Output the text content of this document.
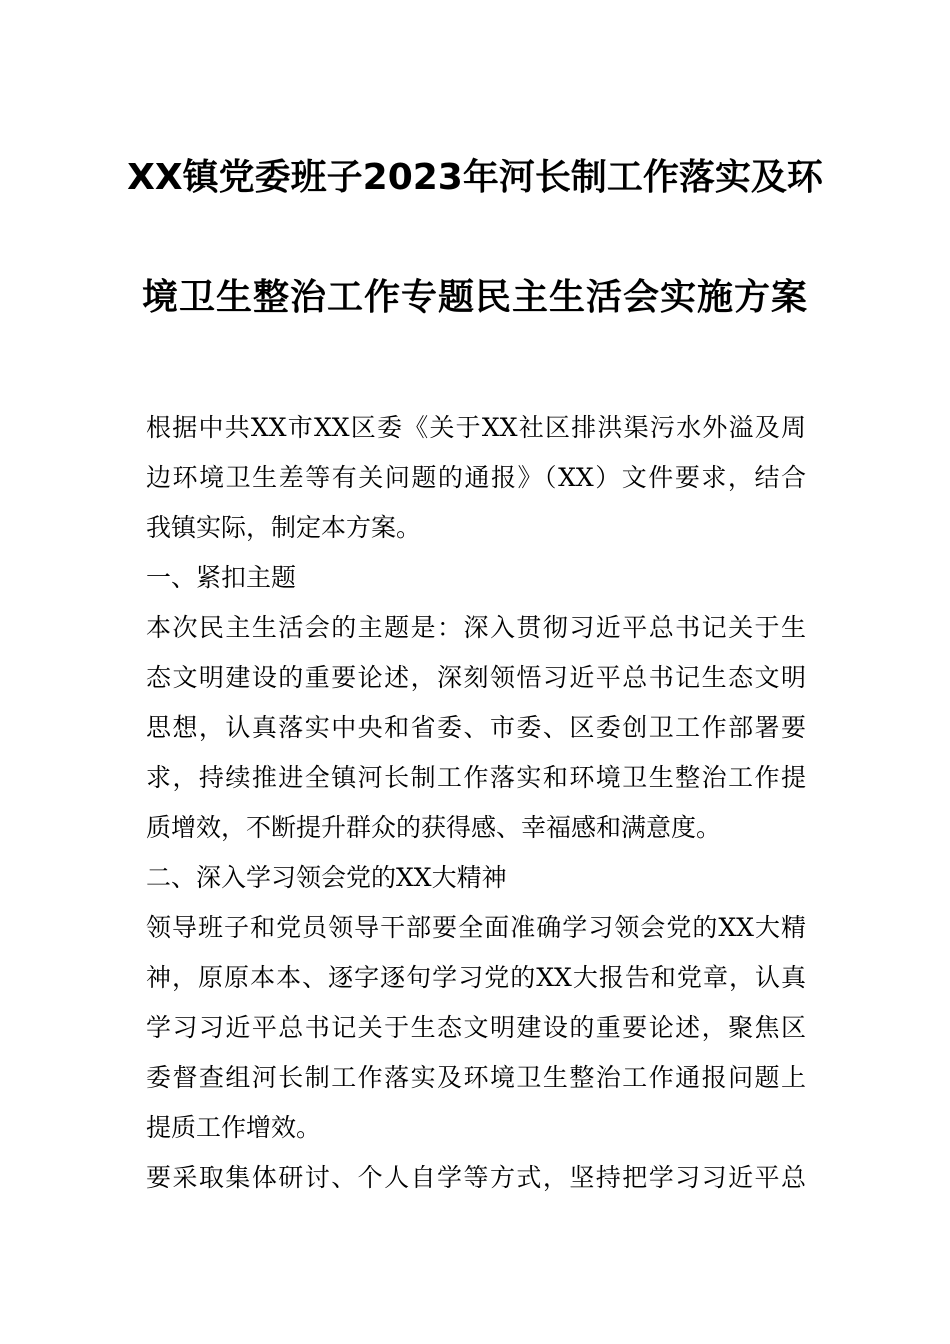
XX镇党委班子2023年河长制工作落实及环
境卫生整治工作专题民主生活会实施方案
根据中共XX市XX区委《关于XX社区排洪渠污水外溢及周
边环境卫生差等有关问题的通报》（XX）文件要求，结合
我镇实际，制定本方案。
一、紧扣主题
本次民主生活会的主题是：深入贯彻习近平总书记关于生
态文明建设的重要论述，深刻领悟习近平总书记生态文明
思想，认真落实中央和省委、市委、区委创卫工作部署要
求，持续推进全镇河长制工作落实和环境卫生整治工作提
质增效，不断提升群众的获得感、幸福感和满意度。
二、深入学习领会党的XX大精神
领导班子和党员领导干部要全面准确学习领会党的XX大精
神，原原本本、逐字逐句学习党的XX大报告和党章，认真
学习习近平总书记关于生态文明建设的重要论述，聚焦区
委督查组河长制工作落实及环境卫生整治工作通报问题上
提质工作增效。
要采取集体研讨、个人自学等方式，坚持把学习习近平总
